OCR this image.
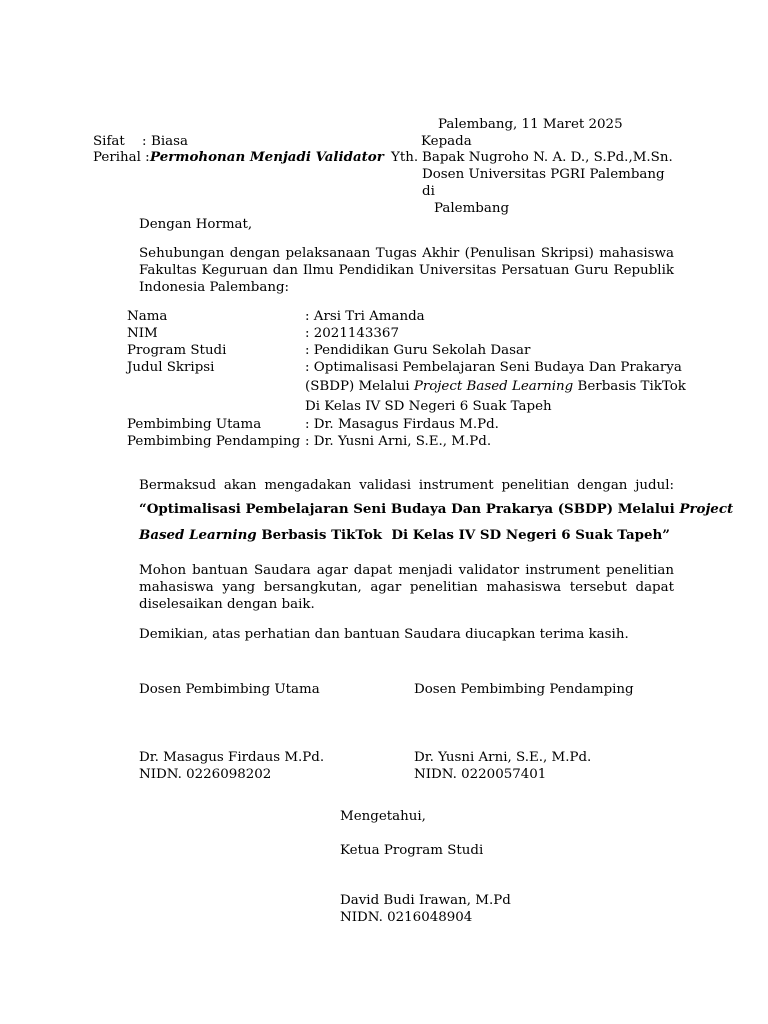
Palembang, 11 Maret 2025
Sifat : Biasa	Kepada
Perihal : Permohonan Menjadi Validator Yth. Bapak Nugroho N. A. D., S.Pd.,M.Sn.
Dosen Universitas PGRI Palembang
di
Palembang
Dengan Hormat,
Sehubungan dengan pelaksanaan Tugas Akhir (Penulisan Skripsi) mahasiswa Fakultas Keguruan dan Ilmu Pendidikan Universitas Persatuan Guru Republik Indonesia Palembang:
Nama	: Arsi Tri Amanda
NIM	: 2021143367
Program Studi	: Pendidikan Guru Sekolah Dasar
Judul Skripsi	: Optimalisasi Pembelajaran Seni Budaya Dan Prakarya
(SBDP) Melalui Project Based Learning Berbasis TikTok
Di Kelas IV SD Negeri 6 Suak Tapeh
Pembimbing Utama	: Dr. Masagus Firdaus M.Pd.
Pembimbing Pendamping : Dr. Yusni Arni, S.E., M.Pd.
Bermaksud akan mengadakan validasi instrument penelitian dengan judul:
“Optimalisasi Pembelajaran Seni Budaya Dan Prakarya (SBDP) Melalui Project
Based Learning Berbasis TikTok  Di Kelas IV SD Negeri 6 Suak Tapeh”
Mohon bantuan Saudara agar dapat menjadi validator instrument penelitian mahasiswa yang bersangkutan, agar penelitian mahasiswa tersebut dapat diselesaikan dengan baik.
Demikian, atas perhatian dan bantuan Saudara diucapkan terima kasih.
Dosen Pembimbing Utama	Dosen Pembimbing Pendamping
Dr. Masagus Firdaus M.Pd.
NIDN. 0226098202
Dr. Yusni Arni, S.E., M.Pd.
NIDN. 0220057401
Mengetahui,
Ketua Program Studi
David Budi Irawan, M.Pd
NIDN. 0216048904
